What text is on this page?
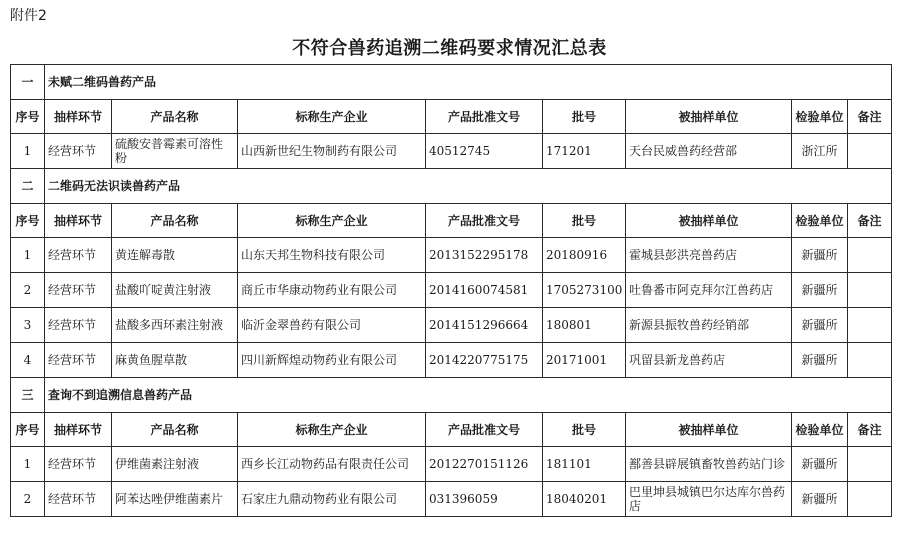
附件2
不符合兽药追溯二维码要求情况汇总表
一	未赋二维码兽药产品							
序号	抽样环节	产品名称	标称生产企业	产品批准文号	批号	被抽样单位	检验单位	备注
1	经营环节	硫酸安普霉素可溶性粉	山西新世纪生物制药有限公司	40512745	171201	天台民威兽药经营部	浙江所	
二	二维码无法识读兽药产品							
序号	抽样环节	产品名称	标称生产企业	产品批准文号	批号	被抽样单位	检验单位	备注
1	经营环节	黄连解毒散	山东天邦生物科技有限公司	2013152295178	20180916	霍城县彭洪亮兽药店	新疆所	
2	经营环节	盐酸吖啶黄注射液	商丘市华康动物药业有限公司	2014160074581	1705273100	吐鲁番市阿克拜尔江兽药店	新疆所	
3	经营环节	盐酸多西环素注射液	临沂金翠兽药有限公司	2014151296664	180801	新源县振牧兽药经销部	新疆所	
4	经营环节	麻黄鱼腥草散	四川新辉煌动物药业有限公司	2014220775175	20171001	巩留县新龙兽药店	新疆所	
三	查询不到追溯信息兽药产品							
序号	抽样环节	产品名称	标称生产企业	产品批准文号	批号	被抽样单位	检验单位	备注
1	经营环节	伊维菌素注射液	西乡长江动物药品有限责任公司	2012270151126	181101	鄯善县辟展镇畜牧兽药站门诊	新疆所	
2	经营环节	阿苯达唑伊维菌素片	石家庄九鼎动物药业有限公司	031396059	18040201	巴里坤县城镇巴尔达库尔兽药店	新疆所	
